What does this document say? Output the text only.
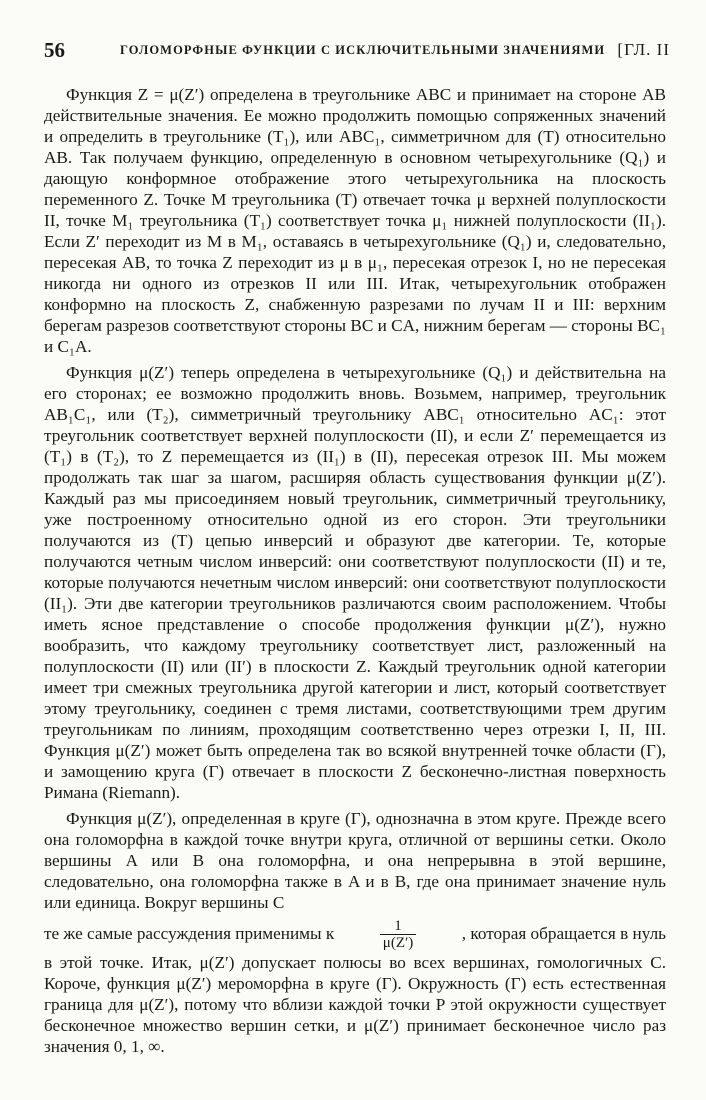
56	ГОЛОМОРФНЫЕ ФУНКЦИИ С ИСКЛЮЧИТЕЛЬНЫМИ ЗНАЧЕНИЯМИ [ГЛ. II

Функция Z = μ(Z′) определена в треугольнике ABC и принимает на стороне AB действительные значения. Ее можно продолжить помощью сопряженных значений и определить в треугольнике (T₁), или ABC₁, симметричном для (T) относительно AB. Так получаем функцию, определенную в основном четырехугольнике (Q₁) и дающую конформное отображение этого четырехугольника на плоскость переменного Z. Точке M треугольника (T) отвечает точка μ верхней полуплоскости II, точке M₁ треугольника (T₁) соответствует точка μ₁ нижней полуплоскости (II₁). Если Z′ переходит из M в M₁, оставаясь в четырехугольнике (Q₁) и, следовательно, пересекая AB, то точка Z переходит из μ в μ₁, пересекая отрезок I, но не пересекая никогда ни одного из отрезков II или III. Итак, четырехугольник отображен конформно на плоскость Z, снабженную разрезами по лучам II и III: верхним берегам разрезов соответствуют стороны BC и CA, нижним берегам — стороны BC₁ и C₁A.

Функция μ(Z′) теперь определена в четырехугольнике (Q₁) и действительна на его сторонах; ее возможно продолжить вновь. Возьмем, например, треугольник AB₁C₁, или (T₂), симметричный треугольнику ABC₁ относительно AC₁: этот треугольник соответствует верхней полуплоскости (II), и если Z′ перемещается из (T₁) в (T₂), то Z перемещается из (II₁) в (II), пересекая отрезок III. Мы можем продолжать так шаг за шагом, расширяя область существования функции μ(Z′). Каждый раз мы присоединяем новый треугольник, симметричный треугольнику, уже построенному относительно одной из его сторон. Эти треугольники получаются из (T) цепью инверсий и образуют две категории. Те, которые получаются четным числом инверсий: они соответствуют полуплоскости (II) и те, которые получаются нечетным числом инверсий: они соответствуют полуплоскости (II₁). Эти две категории треугольников различаются своим расположением. Чтобы иметь ясное представление о способе продолжения функции μ(Z′), нужно вообразить, что каждому треугольнику соответствует лист, разложенный на полуплоскости (II) или (II′) в плоскости Z. Каждый треугольник одной категории имеет три смежных треугольника другой категории и лист, который соответствует этому треугольнику, соединен с тремя листами, соответствующими трем другим треугольникам по линиям, проходящим соответственно через отрезки I, II, III. Функция μ(Z′) может быть определена так во всякой внутренней точке области (Г), и замощению круга (Г) отвечает в плоскости Z бесконечно-листная поверхность Римана (Riemann).

Функция μ(Z′), определенная в круге (Г), однозначна в этом круге. Прежде всего она голоморфна в каждой точке внутри круга, отличной от вершины сетки. Около вершины A или B она голоморфна, и она непрерывна в этой вершине, следовательно, она голоморфна также в A и в B, где она принимает значение нуль или единица. Вокруг вершины C

те же самые рассуждения применимы к	$\frac{1}{\mu(Z')}$	, которая обращается в нуль

в этой точке. Итак, μ(Z′) допускает полюсы во всех вершинах, гомологичных C. Короче, функция μ(Z′) мероморфна в круге (Г). Окружность (Г) есть естественная граница для μ(Z′), потому что вблизи каждой точки P этой окружности существует бесконечное множество вершин сетки, и μ(Z′) принимает бесконечное число раз значения 0, 1, ∞.
